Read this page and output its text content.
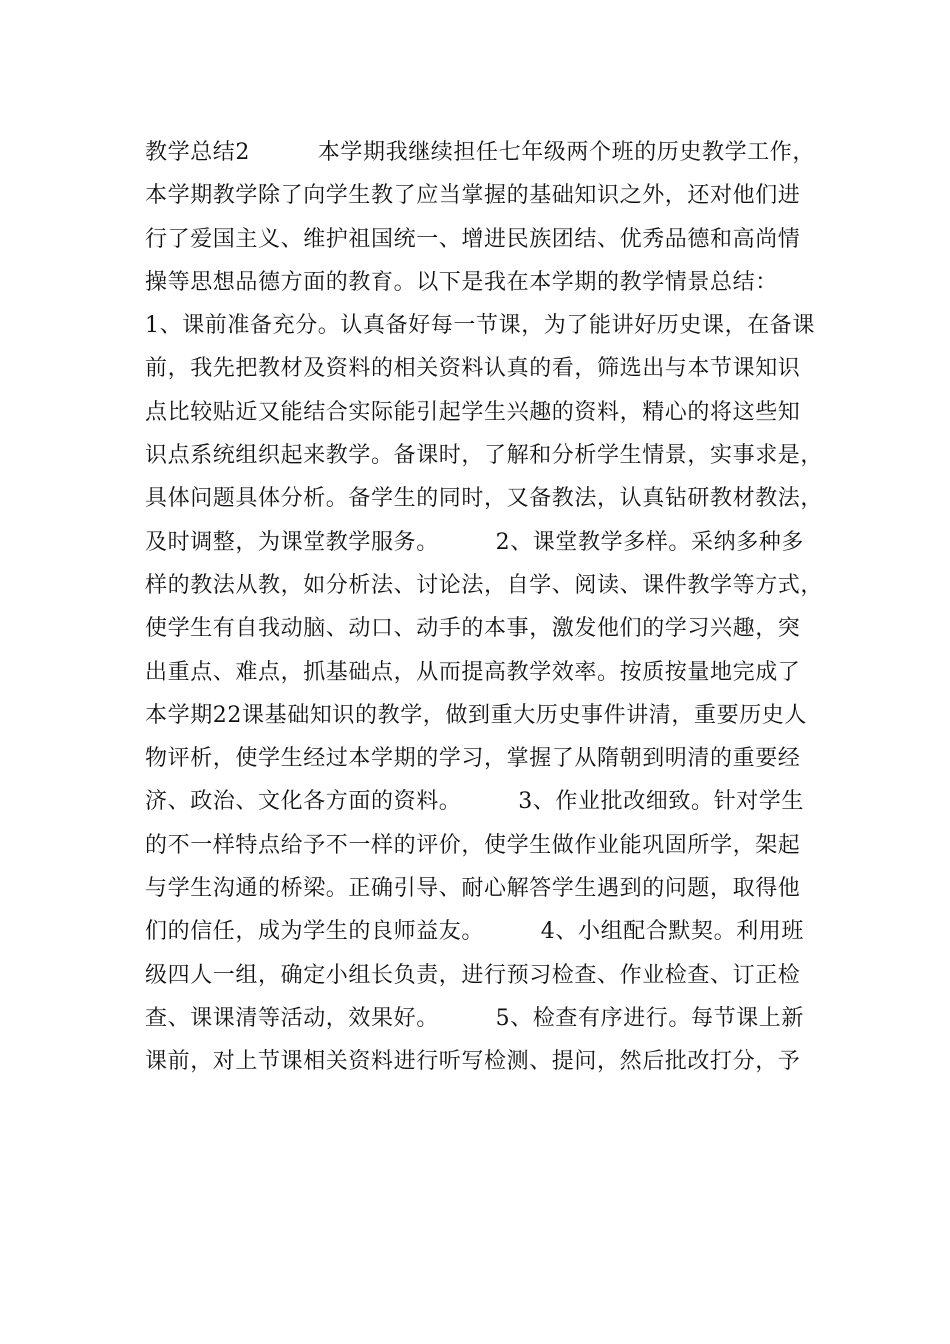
教学总结2　　　本学期我继续担任七年级两个班的历史教学工作，
本学期教学除了向学生教了应当掌握的基础知识之外，还对他们进
行了爱国主义、维护祖国统一、增进民族团结、优秀品德和高尚情
操等思想品德方面的教育。以下是我在本学期的教学情景总结：
1、课前准备充分。认真备好每一节课，为了能讲好历史课，在备课
前，我先把教材及资料的相关资料认真的看，筛选出与本节课知识
点比较贴近又能结合实际能引起学生兴趣的资料，精心的将这些知
识点系统组织起来教学。备课时，了解和分析学生情景，实事求是，
具体问题具体分析。备学生的同时，又备教法，认真钻研教材教法，
及时调整，为课堂教学服务。　　　2、课堂教学多样。采纳多种多
样的教法从教，如分析法、讨论法，自学、阅读、课件教学等方式，
使学生有自我动脑、动口、动手的本事，激发他们的学习兴趣，突
出重点、难点，抓基础点，从而提高教学效率。按质按量地完成了
本学期22课基础知识的教学，做到重大历史事件讲清，重要历史人
物评析，使学生经过本学期的学习，掌握了从隋朝到明清的重要经
济、政治、文化各方面的资料。　　　3、作业批改细致。针对学生
的不一样特点给予不一样的评价，使学生做作业能巩固所学，架起
与学生沟通的桥梁。正确引导、耐心解答学生遇到的问题，取得他
们的信任，成为学生的良师益友。　　　4、小组配合默契。利用班
级四人一组，确定小组长负责，进行预习检查、作业检查、订正检
查、课课清等活动，效果好。　　　5、检查有序进行。每节课上新
课前，对上节课相关资料进行听写检测、提问，然后批改打分，予
